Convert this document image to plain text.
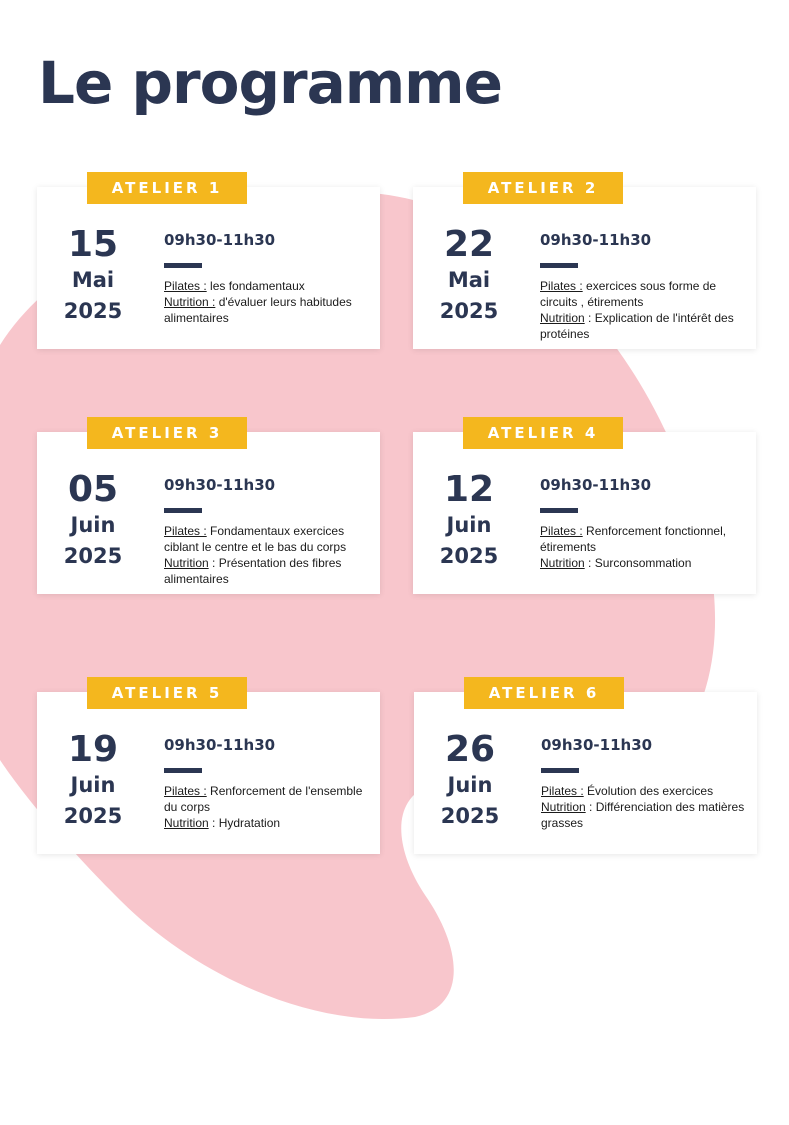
Le programme
ATELIER 1
15
Mai
2025
09h30-11h30
Pilates : les fondamentaux
Nutrition : d'évaluer leurs habitudes alimentaires
ATELIER 2
22
Mai
2025
09h30-11h30
Pilates : exercices sous forme de circuits , étirements
Nutrition : Explication de l'intérêt des protéines
ATELIER 3
05
Juin
2025
09h30-11h30
Pilates : Fondamentaux exercices ciblant le centre et le bas du corps
Nutrition : Présentation des fibres alimentaires
ATELIER 4
12
Juin
2025
09h30-11h30
Pilates : Renforcement fonctionnel, étirements
Nutrition : Surconsommation
ATELIER 5
19
Juin
2025
09h30-11h30
Pilates : Renforcement de l'ensemble du corps
Nutrition : Hydratation
ATELIER 6
26
Juin
2025
09h30-11h30
Pilates : Évolution des exercices
Nutrition : Différenciation des matières grasses
